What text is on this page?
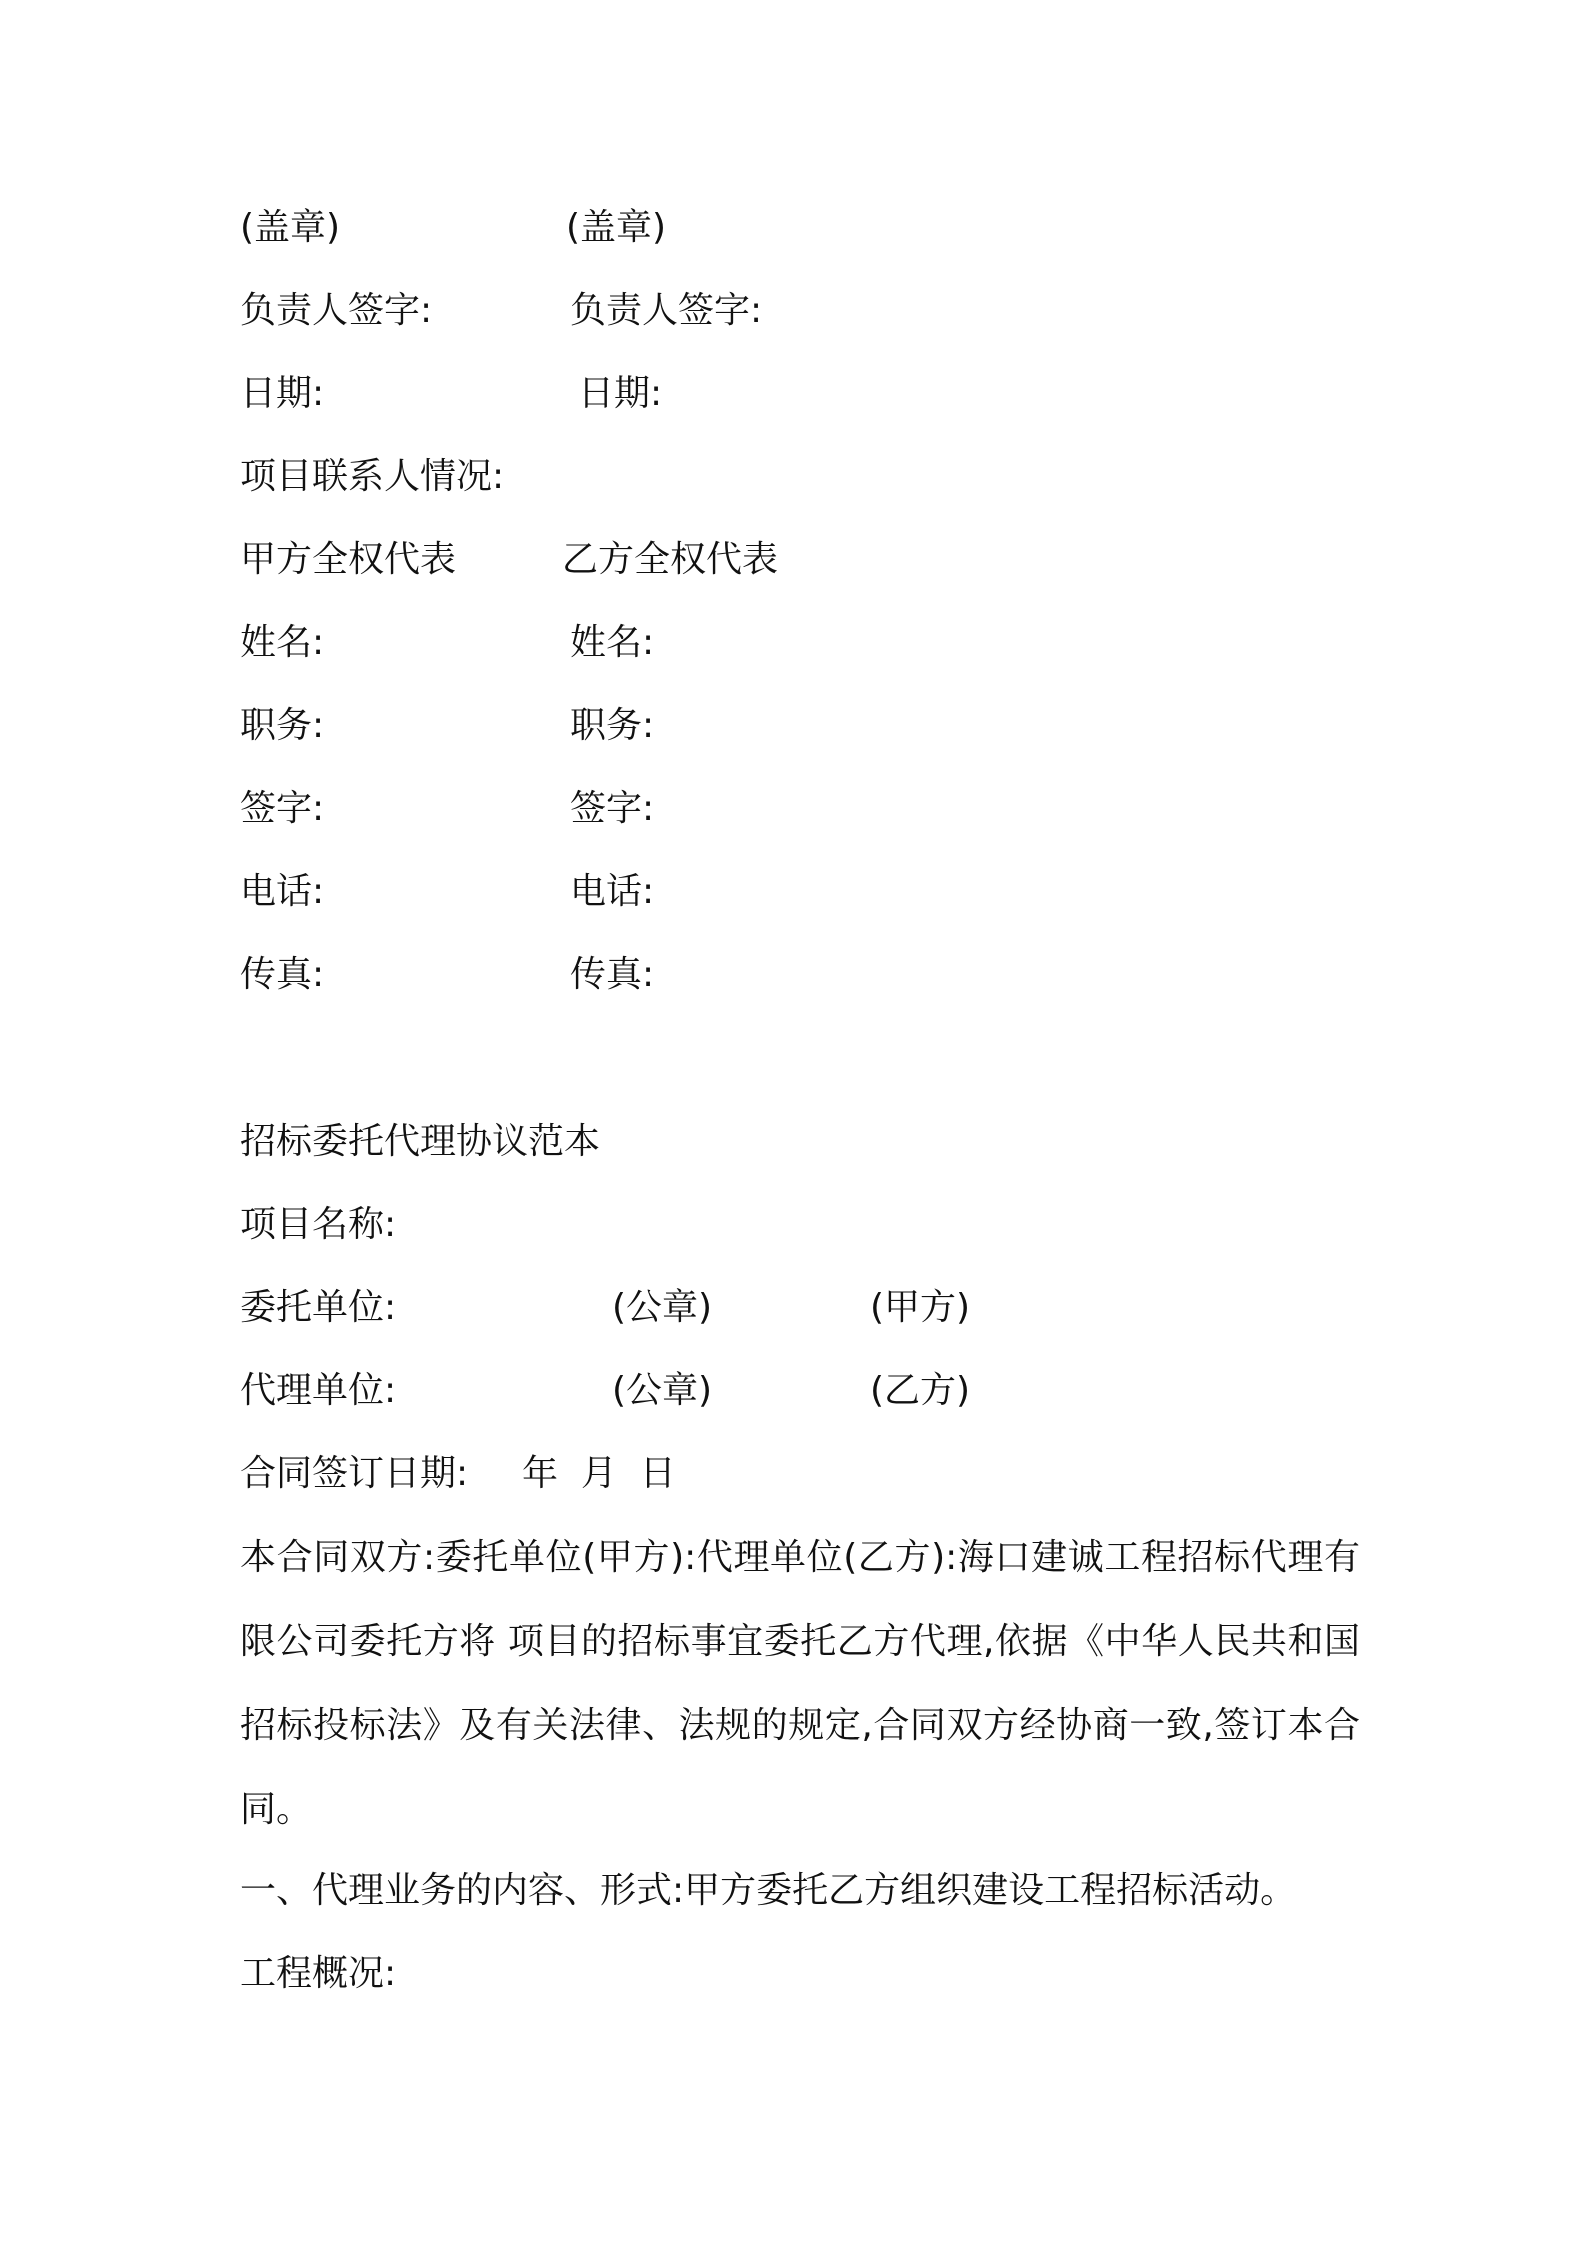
(盖章)	(盖章)
负责人签字:	负责人签字:
日期:	日期:
项目联系人情况:
甲方全权代表	乙方全权代表
姓名:	姓名:
职务:	职务:
签字:	签字:
电话:	电话:
传真:	传真:
招标委托代理协议范本
项目名称:
委托单位:	(公章)	(甲方)
代理单位:	(公章)	(乙方)
合同签订日期: 年  月  日
本合同双方:委托单位(甲方):代理单位(乙方):海口建诚工程招标代理有限公司委托方将 项目的招标事宜委托乙方代理,依据《中华人民共和国招标投标法》及有关法律、法规的规定,合同双方经协商一致,签订本合同。
一、代理业务的内容、形式:甲方委托乙方组织建设工程招标活动。
工程概况:
